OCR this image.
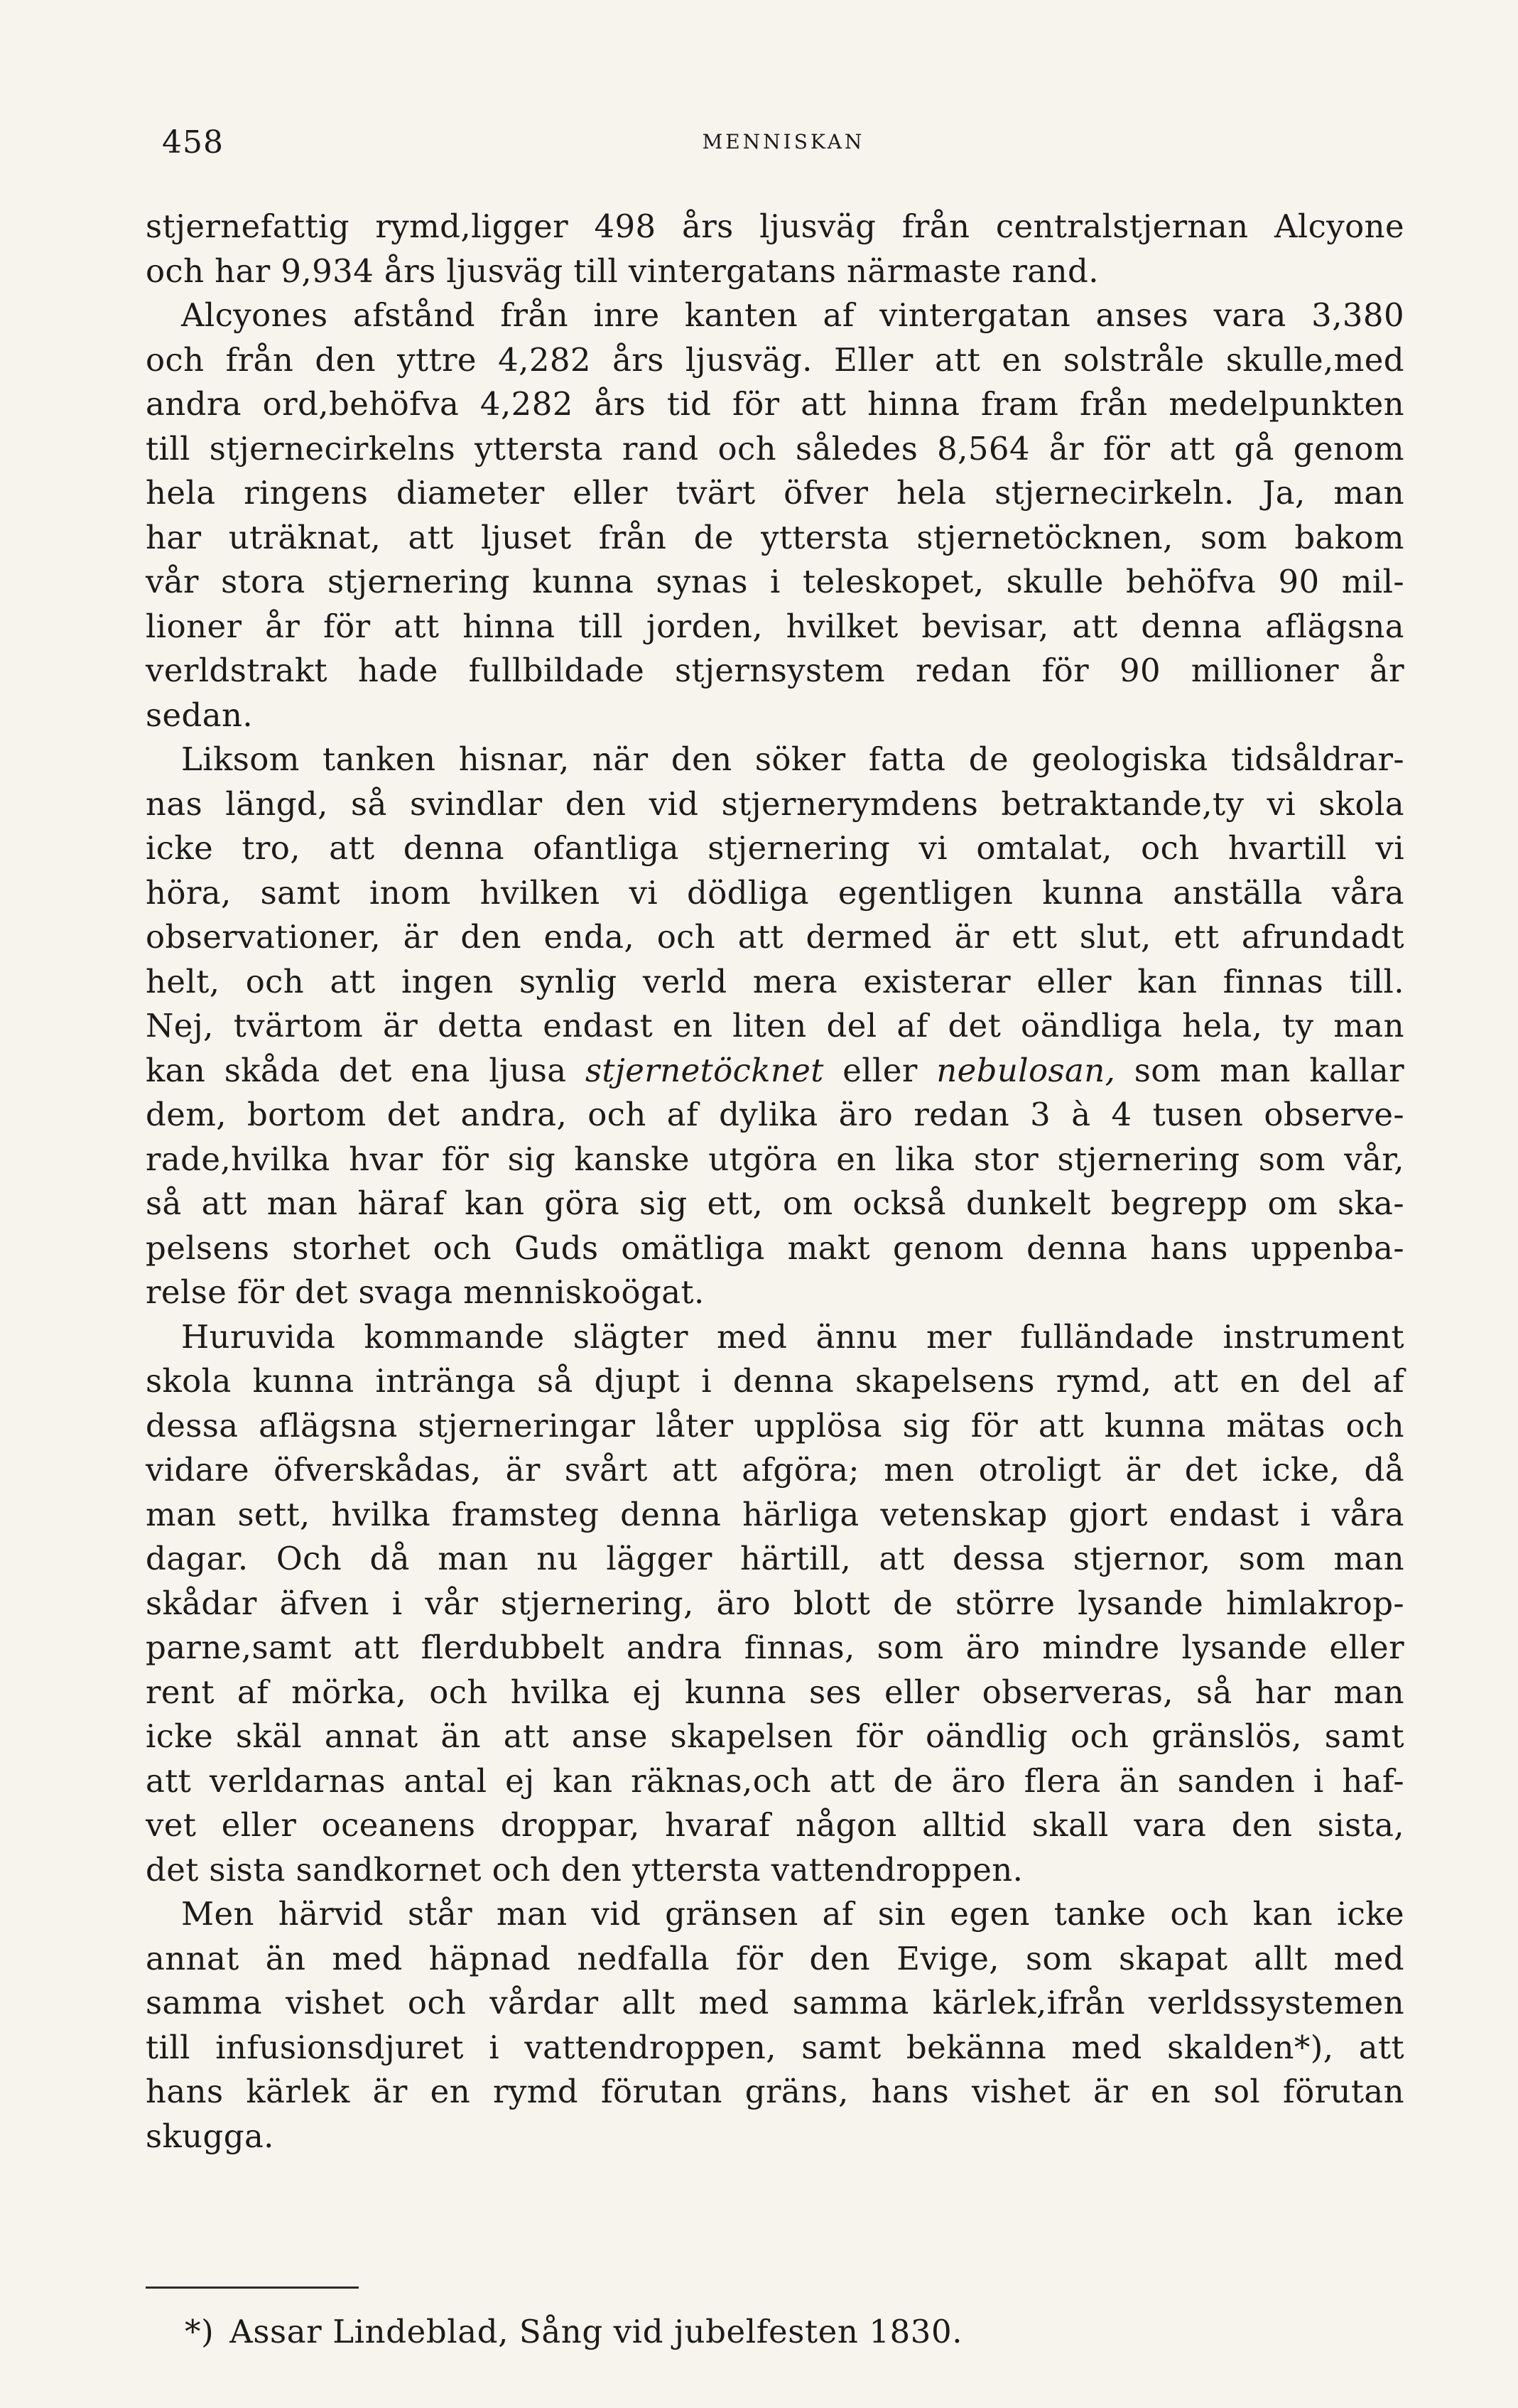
458	MENNISKAN
stjernefattig rymd,ligger 498 års ljusväg från centralstjernan Alcyone
och har 9,934 års ljusväg till vintergatans närmaste rand.
Alcyones afstånd från inre kanten af vintergatan anses vara 3,380
och från den yttre 4,282 års ljusväg. Eller att en solstråle skulle,med
andra ord,behöfva 4,282 års tid för att hinna fram från medelpunkten
till stjernecirkelns yttersta rand och således 8,564 år för att gå genom
hela ringens diameter eller tvärt öfver hela stjernecirkeln. Ja, man
har uträknat, att ljuset från de yttersta stjernetöcknen, som bakom
vår stora stjernering kunna synas i teleskopet, skulle behöfva 90 mil-
lioner år för att hinna till jorden, hvilket bevisar, att denna aflägsna
verldstrakt hade fullbildade stjernsystem redan för 90 millioner år
sedan.
Liksom tanken hisnar, när den söker fatta de geologiska tidsåldrar-
nas längd, så svindlar den vid stjernerymdens betraktande,ty vi skola
icke tro, att denna ofantliga stjernering vi omtalat, och hvartill vi
höra, samt inom hvilken vi dödliga egentligen kunna anställa våra
observationer, är den enda, och att dermed är ett slut, ett afrundadt
helt, och att ingen synlig verld mera existerar eller kan finnas till.
Nej, tvärtom är detta endast en liten del af det oändliga hela, ty man
kan skåda det ena ljusa stjernetöcknet eller nebulosan, som man kallar
dem, bortom det andra, och af dylika äro redan 3 à 4 tusen observe-
rade,hvilka hvar för sig kanske utgöra en lika stor stjernering som vår,
så att man häraf kan göra sig ett, om också dunkelt begrepp om ska-
pelsens storhet och Guds omätliga makt genom denna hans uppenba-
relse för det svaga menniskoögat.
Huruvida kommande slägter med ännu mer fulländade instrument
skola kunna intränga så djupt i denna skapelsens rymd, att en del af
dessa aflägsna stjerneringar låter upplösa sig för att kunna mätas och
vidare öfverskådas, är svårt att afgöra; men otroligt är det icke, då
man sett, hvilka framsteg denna härliga vetenskap gjort endast i våra
dagar. Och då man nu lägger härtill, att dessa stjernor, som man
skådar äfven i vår stjernering, äro blott de större lysande himlakrop-
parne,samt att flerdubbelt andra finnas, som äro mindre lysande eller
rent af mörka, och hvilka ej kunna ses eller observeras, så har man
icke skäl annat än att anse skapelsen för oändlig och gränslös, samt
att verldarnas antal ej kan räknas,och att de äro flera än sanden i haf-
vet eller oceanens droppar, hvaraf någon alltid skall vara den sista,
det sista sandkornet och den yttersta vattendroppen.
Men härvid står man vid gränsen af sin egen tanke och kan icke
annat än med häpnad nedfalla för den Evige, som skapat allt med
samma vishet och vårdar allt med samma kärlek,ifrån verldssystemen
till infusionsdjuret i vattendroppen, samt bekänna med skalden*), att
hans kärlek är en rymd förutan gräns, hans vishet är en sol förutan
skugga.
*) Assar Lindeblad, Sång vid jubelfesten 1830.
